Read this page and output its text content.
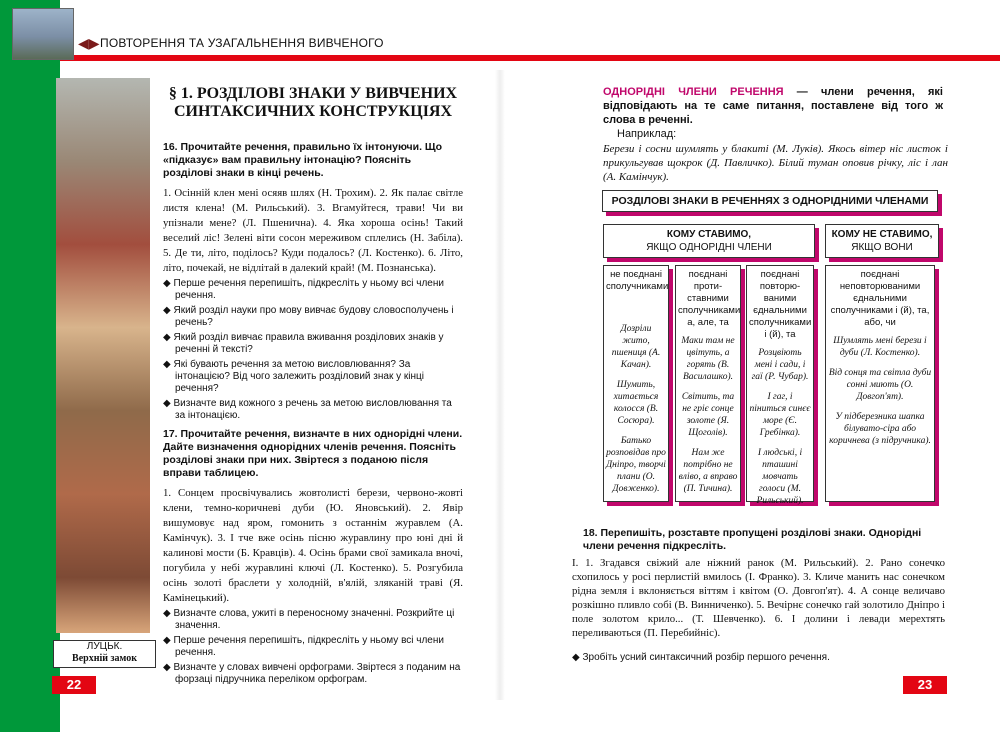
◀▶ ПОВТОРЕННЯ ТА УЗАГАЛЬНЕННЯ ВИВЧЕНОГО
ЛУЦЬК.
Верхній замок
22
§ 1. РОЗДІЛОВІ ЗНАКИ У ВИВЧЕНИХ СИНТАКСИЧНИХ КОНСТРУКЦІЯХ
16. Прочитайте речення, правильно їх інтонуючи. Що «підказує» вам правильну інтонацію? Поясніть розділові знаки в кінці речень.

1. Осінній клен мені осяяв шлях (Н. Трохим). 2. Як палає світле листя клена! (М. Рильський). 3. Вгамуйтеся, трави! Чи ви упізнали мене? (Л. Пшенична). 4. Яка хороша осінь! Такий веселий ліс! Зелені віти сосон мереживом сплелись (Н. Забіла). 5. Де ти, літо, поділось? Куди подалось? (Л. Костенко). 6. Літо, літо, почекай, не відлітай в далекий край! (М. Познанська).

◆ Перше речення перепишіть, підкресліть у ньому всі члени речення.
◆ Який розділ науки про мову вивчає будову словосполучень і речень?
◆ Який розділ вивчає правила вживання розділових знаків у реченні й тексті?
◆ Які бувають речення за метою висловлювання? За інтонацією? Від чого залежить розділовий знак у кінці речення?
◆ Визначте вид кожного з речень за метою висловлювання та за інтонацією.
17. Прочитайте речення, визначте в них однорідні члени. Дайте визначення однорідних членів речення. Поясніть розділові знаки при них. Звіртеся з поданою після вправи таблицею.

1. Сонцем просвічувались жовтолисті берези, червоно-жовті клени, темно-коричневі дуби (Ю. Яновський). 2. Явір вишумовує над яром, гомонить з останнім журавлем (А. Камінчук). 3. І тче вже осінь пісню журавлину про юні дні й калинові мости (Б. Кравців). 4. Осінь брами свої замикала вночі, погубила у небі журавлині ключі (Л. Костенко). 5. Розгубила осінь золоті браслети у холодній, в'ялій, зляканій траві (Я. Камінецький).

◆ Визначте слова, ужиті в переносному значенні. Розкрийте ці значення.
◆ Перше речення перепишіть, підкресліть у ньому всі члени речення.
◆ Визначте у словах вивчені орфограми. Звіртеся з поданим на форзаці підручника переліком орфограм.
ОДНОРІДНІ ЧЛЕНИ РЕЧЕННЯ — члени речення, які відповідають на те саме питання, поставлене від того ж слова в реченні.
Наприклад:
Берези і сосни шумлять у блакиті (М. Луків). Якось вітер ніс листок і прикульгував щокрок (Д. Павличко). Білий туман оповив річку, ліс і лан (А. Камінчук).
РОЗДІЛОВІ ЗНАКИ В РЕЧЕННЯХ З ОДНОРІДНИМИ ЧЛЕНАМИ
КОМУ СТАВИМО,
ЯКЩО ОДНОРІДНІ ЧЛЕНИ
КОМУ НЕ СТАВИМО,
ЯКЩО ВОНИ
не поєднані сполучниками
Дозріли жито, пшениця (А. Качан).
Шумить, хитається колосся (В. Сосюра).
Батько розповідав про Дніпро, творчі плани (О. Довженко).
поєднані протиставними сполучниками а, але, та
Маки там не цвітуть, а горять (В. Василашко).
Світить, та не гріє сонце золоте (Я. Щоголів).
Нам же потрібно не вліво, а вправо (П. Тичина).
поєднані повторюваними єднальними сполучниками і (й), та
Розцвіють мені і сади, і гаї (Р. Чубар).
І гаг, і піниться синєє море (Є. Гребінка).
І людські, і пташині мовчать голоси (М. Рильський).
поєднані неповторюваними єднальними сполучниками і (й), та, або, чи
Шумлять мені берези і дуби (Л. Костенко).
Від сонця та світла дуби сонні миють (О. Довгоп'ят).
У підберезника шапка білувато-сіра або коричнева (з підручника).
18. Перепишіть, розставте пропущені розділові знаки. Однорідні члени речення підкресліть.
I. 1. Згадався свіжий але ніжний ранок (М. Рильський). 2. Рано сонечко схопилось у росі перлистій вмилось (І. Франко). 3. Кличе манить нас сонечком рідна земля і вклоняється віттям і квітом (О. Довгоп'ят). 4. А сонце величаво розкішно пливло собі (В. Винниченко). 5. Вечірнє сонечко гай золотило Дніпро і поле золотом крило... (Т. Шевченко). 6. І долини і левади мерехтять переливаються (П. Перебийніс).
◆ Зробіть усний синтаксичний розбір першого речення.
23
